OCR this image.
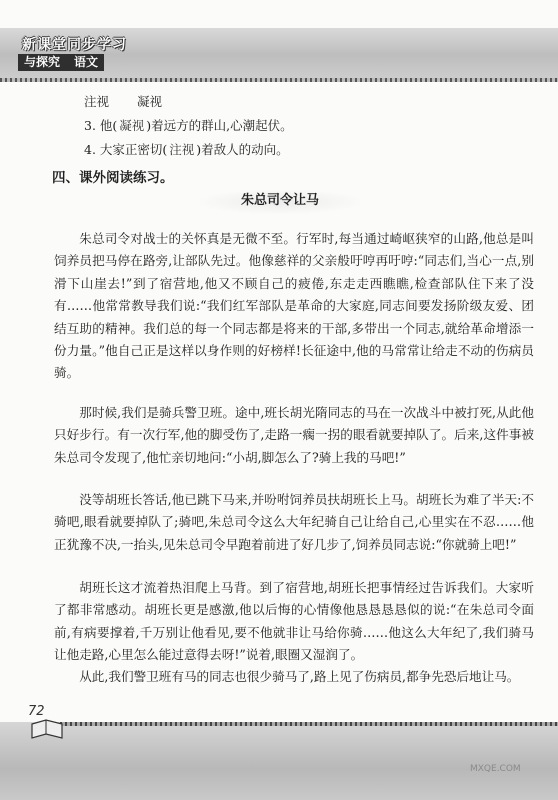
新课堂同步学习
与探究 语文
注视 凝视
3. 他( 凝视 )着远方的群山,心潮起伏。
4. 大家正密切( 注视 )着敌人的动向。
四、课外阅读练习。
朱总司令让马

朱总司令对战士的关怀真是无微不至。行军时,每当通过崎岖狭窄的山路,他总是叫饲养员把马停在路旁,让部队先过。他像慈祥的父亲般吁哼再吁哼:“同志们,当心一点,别滑下山崖去!”到了宿营地,他又不顾自己的疲倦,东走走西瞧瞧,检查部队住下来了没有……他常常教导我们说:“我们红军部队是革命的大家庭,同志间要发扬阶级友爱、团结互助的精神。我们总的每一个同志都是将来的干部,多带出一个同志,就给革命增添一份力量。”他自己正是这样以身作则的好榜样!长征途中,他的马常常让给走不动的伤病员骑。

那时候,我们是骑兵警卫班。途中,班长胡光隋同志的马在一次战斗中被打死,从此他只好步行。有一次行军,他的脚受伤了,走路一瘸一拐的眼看就要掉队了。后来,这件事被朱总司令发现了,他忙亲切地问:“小胡,脚怎么了?骑上我的马吧!”

没等胡班长答话,他已跳下马来,并吩咐饲养员扶胡班长上马。胡班长为难了半天:不骑吧,眼看就要掉队了;骑吧,朱总司令这么大年纪骑自己让给自己,心里实在不忍……他正犹豫不决,一抬头,见朱总司令早跑着前进了好几步了,饲养员同志说:“你就骑上吧!”

胡班长这才流着热泪爬上马背。到了宿营地,胡班长把事情经过告诉我们。大家听了都非常感动。胡班长更是感激,他以后悔的心情像他恳恳恳恳似的说:“在朱总司令面前,有病要撑着,千万别让他看见,要不他就非让马给你骑……他这么大年纪了,我们骑马让他走路,心里怎么能过意得去呀!”说着,眼圈又湿润了。

从此,我们警卫班有马的同志也很少骑马了,路上见了伤病员,都争先恐后地让马。

72
MXQE.COM
